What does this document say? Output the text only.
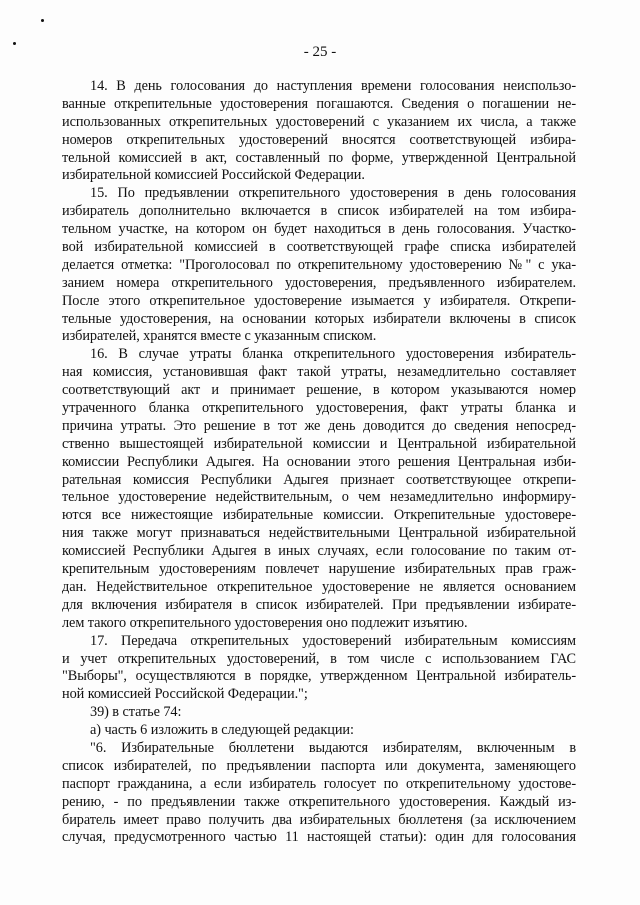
- 25 -
14. В день голосования до наступления времени голосования неиспользо-
ванные открепительные удостоверения погашаются. Сведения о погашении не-
использованных открепительных удостоверений с указанием их числа, а также
номеров открепительных удостоверений вносятся соответствующей избира-
тельной комиссией в акт, составленный по форме, утвержденной Центральной
избирательной комиссией Российской Федерации.
15. По предъявлении открепительного удостоверения в день голосования
избиратель дополнительно включается в список избирателей на том избира-
тельном участке, на котором он будет находиться в день голосования. Участко-
вой избирательной комиссией в соответствующей графе списка избирателей
делается отметка: "Проголосовал по открепительному удостоверению №" с ука-
занием номера открепительного удостоверения, предъявленного избирателем.
После этого открепительное удостоверение изымается у избирателя. Открепи-
тельные удостоверения, на основании которых избиратели включены в список
избирателей, хранятся вместе с указанным списком.
16. В случае утраты бланка открепительного удостоверения избиратель-
ная комиссия, установившая факт такой утраты, незамедлительно составляет
соответствующий акт и принимает решение, в котором указываются номер
утраченного бланка открепительного удостоверения, факт утраты бланка и
причина утраты. Это решение в тот же день доводится до сведения непосред-
ственно вышестоящей избирательной комиссии и Центральной избирательной
комиссии Республики Адыгея. На основании этого решения Центральная изби-
рательная комиссия Республики Адыгея признает соответствующее открепи-
тельное удостоверение недействительным, о чем незамедлительно информиру-
ются все нижестоящие избирательные комиссии. Открепительные удостовере-
ния также могут признаваться недействительными Центральной избирательной
комиссией Республики Адыгея в иных случаях, если голосование по таким от-
крепительным удостоверениям повлечет нарушение избирательных прав граж-
дан. Недействительное открепительное удостоверение не является основанием
для включения избирателя в список избирателей. При предъявлении избирате-
лем такого открепительного удостоверения оно подлежит изъятию.
17. Передача открепительных удостоверений избирательным комиссиям
и учет открепительных удостоверений, в том числе с использованием ГАС
"Выборы", осуществляются в порядке, утвержденном Центральной избиратель-
ной комиссией Российской Федерации.";
39) в статье 74:
а) часть 6 изложить в следующей редакции:
"6. Избирательные бюллетени выдаются избирателям, включенным в
список избирателей, по предъявлении паспорта или документа, заменяющего
паспорт гражданина, а если избиратель голосует по открепительному удостове-
рению, - по предъявлении также открепительного удостоверения. Каждый из-
биратель имеет право получить два избирательных бюллетеня (за исключением
случая, предусмотренного частью 11 настоящей статьи): один для голосования
